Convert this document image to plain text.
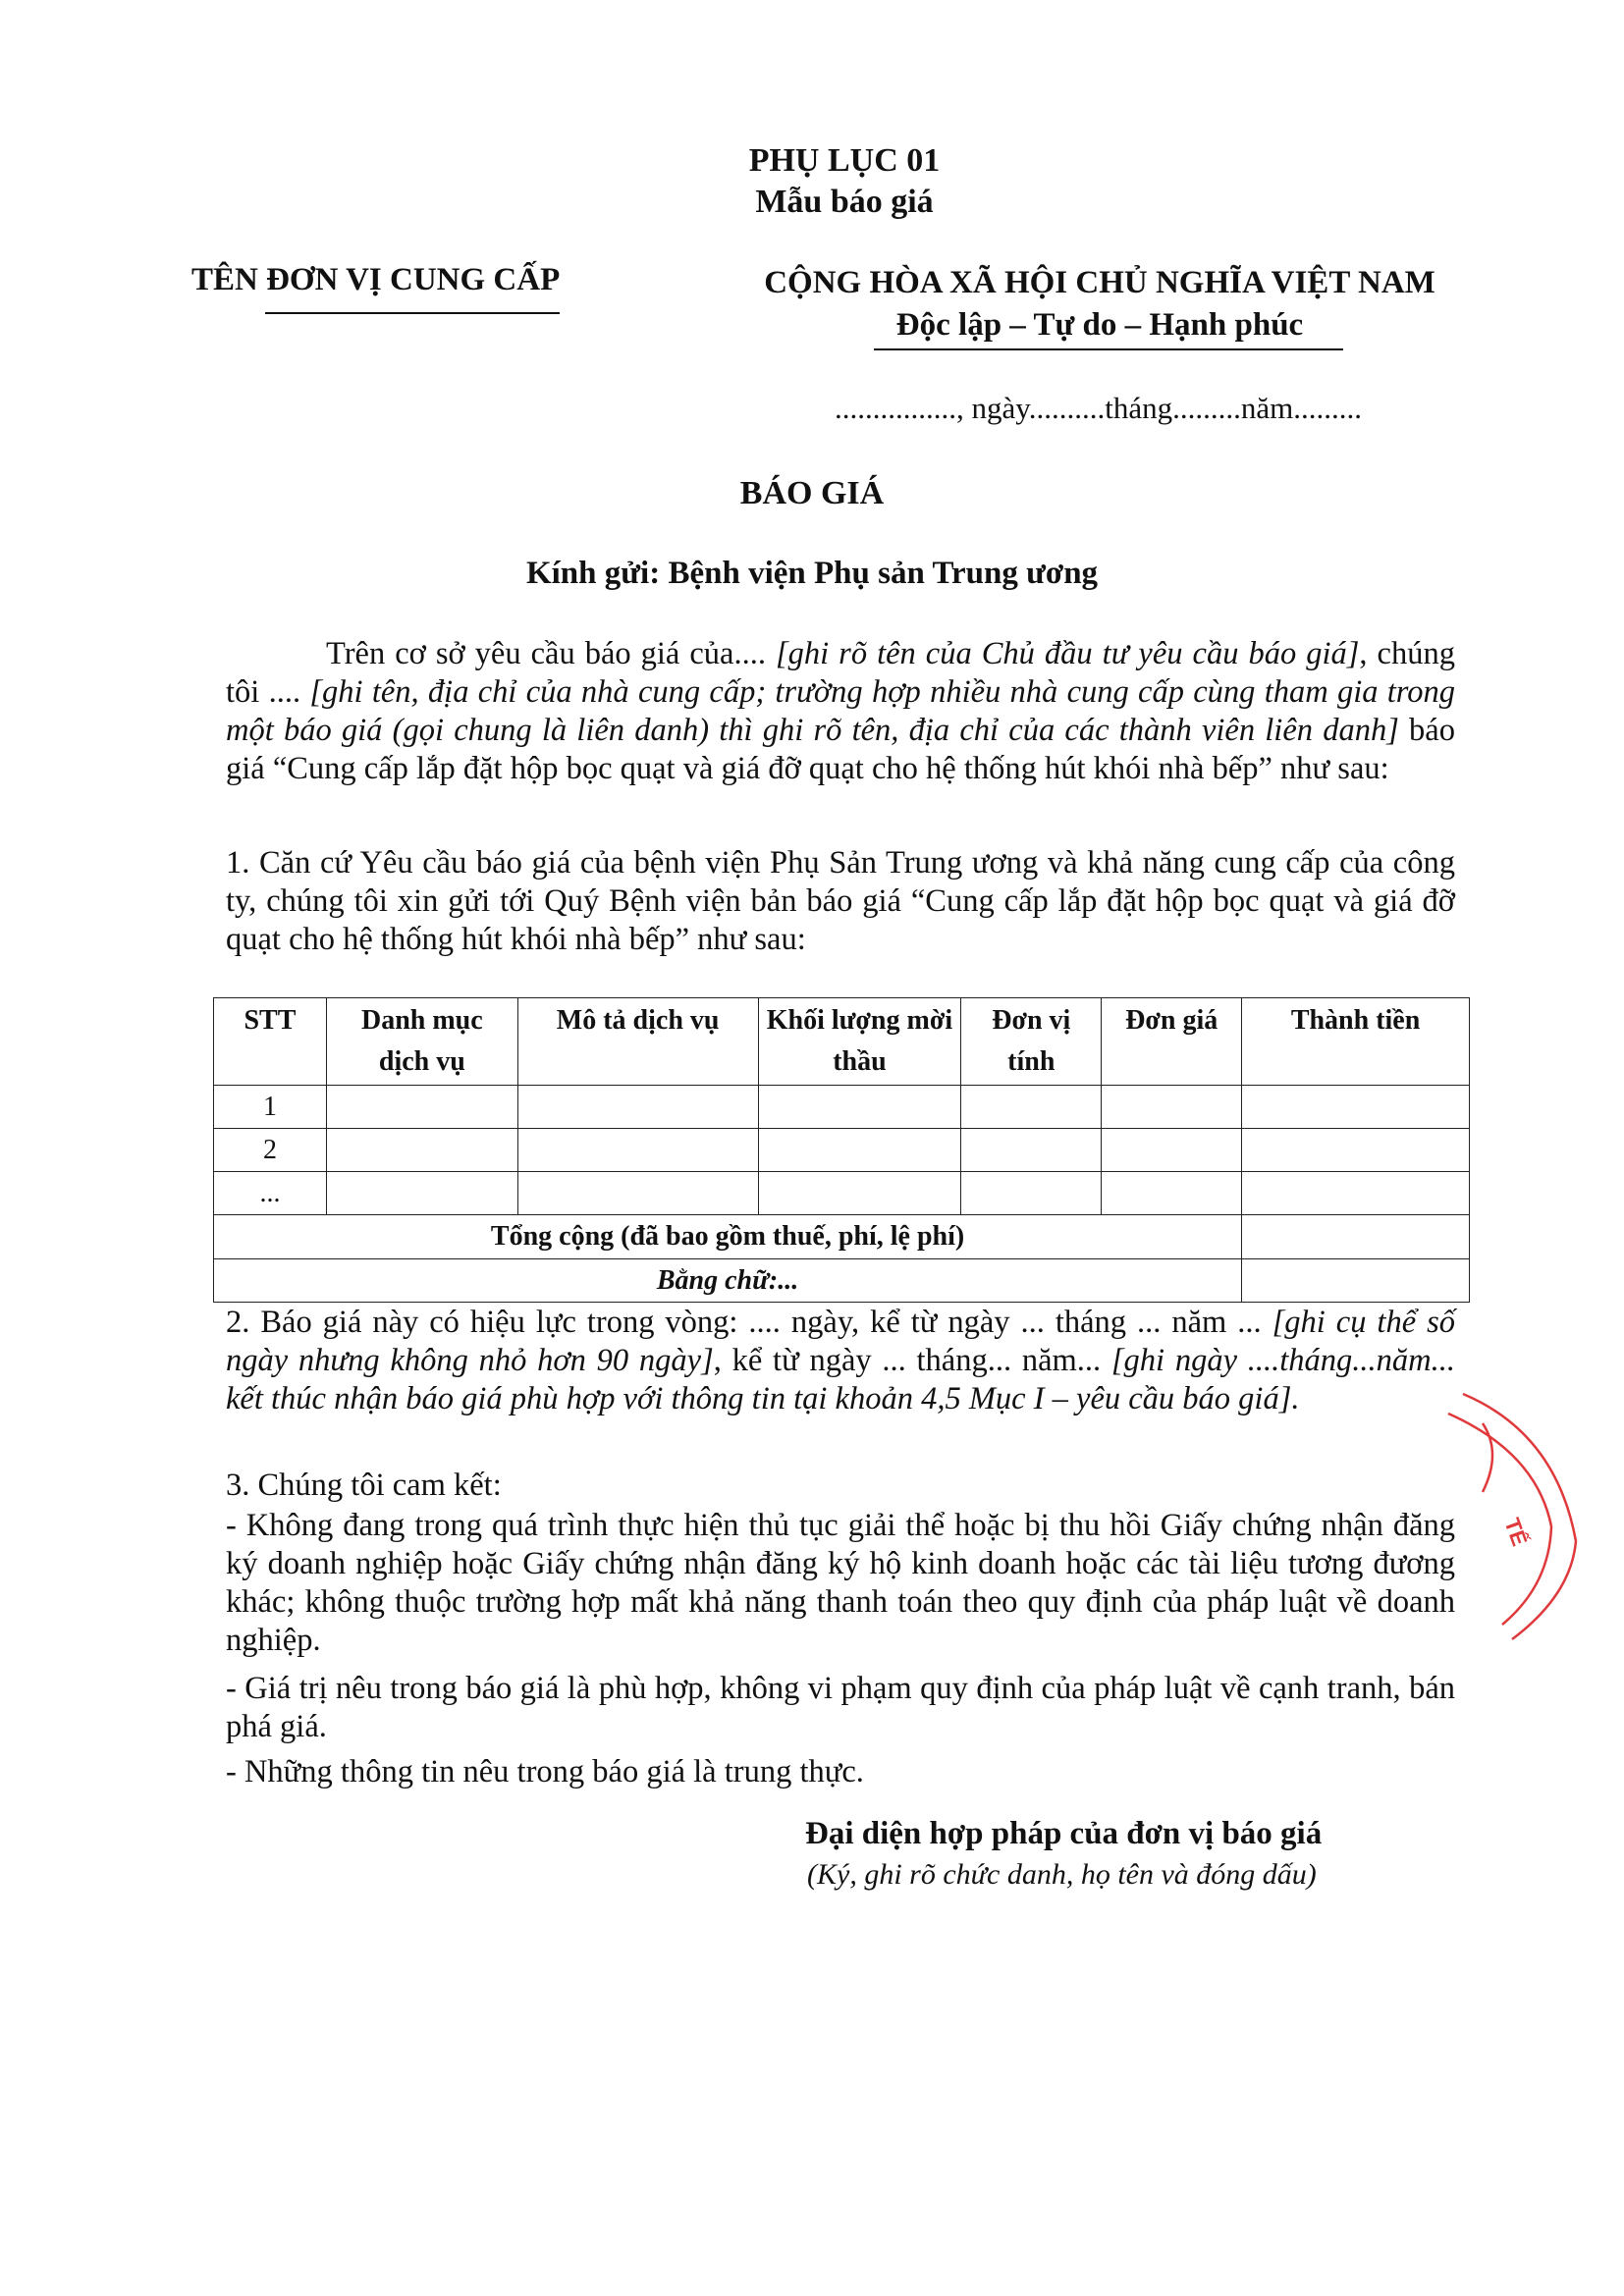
PHỤ LỤC 01
Mẫu báo giá
TÊN ĐƠN VỊ CUNG CẤP	CỘNG HÒA XÃ HỘI CHỦ NGHĨA VIỆT NAM
Độc lập – Tự do – Hạnh phúc
................, ngày..........tháng.........năm.........
BÁO GIÁ
Kính gửi: Bệnh viện Phụ sản Trung ương
Trên cơ sở yêu cầu báo giá của.... [ghi rõ tên của Chủ đầu tư yêu cầu báo giá], chúng tôi .... [ghi tên, địa chỉ của nhà cung cấp; trường hợp nhiều nhà cung cấp cùng tham gia trong một báo giá (gọi chung là liên danh) thì ghi rõ tên, địa chỉ của các thành viên liên danh] báo giá “Cung cấp lắp đặt hộp bọc quạt và giá đỡ quạt cho hệ thống hút khói nhà bếp” như sau:
1. Căn cứ Yêu cầu báo giá của bệnh viện Phụ Sản Trung ương và khả năng cung cấp của công ty, chúng tôi xin gửi tới Quý Bệnh viện bản báo giá “Cung cấp lắp đặt hộp bọc quạt và giá đỡ quạt cho hệ thống hút khói nhà bếp” như sau:
STT	Danh mục dịch vụ	Mô tả dịch vụ	Khối lượng mời thầu	Đơn vị tính	Đơn giá	Thành tiền
1						
2						
...						
Tổng cộng (đã bao gồm thuế, phí, lệ phí)						
Bằng chữ:...						
2. Báo giá này có hiệu lực trong vòng: .... ngày, kể từ ngày ... tháng ... năm ... [ghi cụ thể số ngày nhưng không nhỏ hơn 90 ngày], kể từ ngày ... tháng... năm... [ghi ngày ....tháng...năm... kết thúc nhận báo giá phù hợp với thông tin tại khoản 4,5 Mục I – yêu cầu báo giá].
3. Chúng tôi cam kết:
- Không đang trong quá trình thực hiện thủ tục giải thể hoặc bị thu hồi Giấy chứng nhận đăng ký doanh nghiệp hoặc Giấy chứng nhận đăng ký hộ kinh doanh hoặc các tài liệu tương đương khác; không thuộc trường hợp mất khả năng thanh toán theo quy định của pháp luật về doanh nghiệp.
- Giá trị nêu trong báo giá là phù hợp, không vi phạm quy định của pháp luật về cạnh tranh, bán phá giá.
- Những thông tin nêu trong báo giá là trung thực.
Đại diện hợp pháp của đơn vị báo giá
(Ký, ghi rõ chức danh, họ tên và đóng dấu)
TẾ
